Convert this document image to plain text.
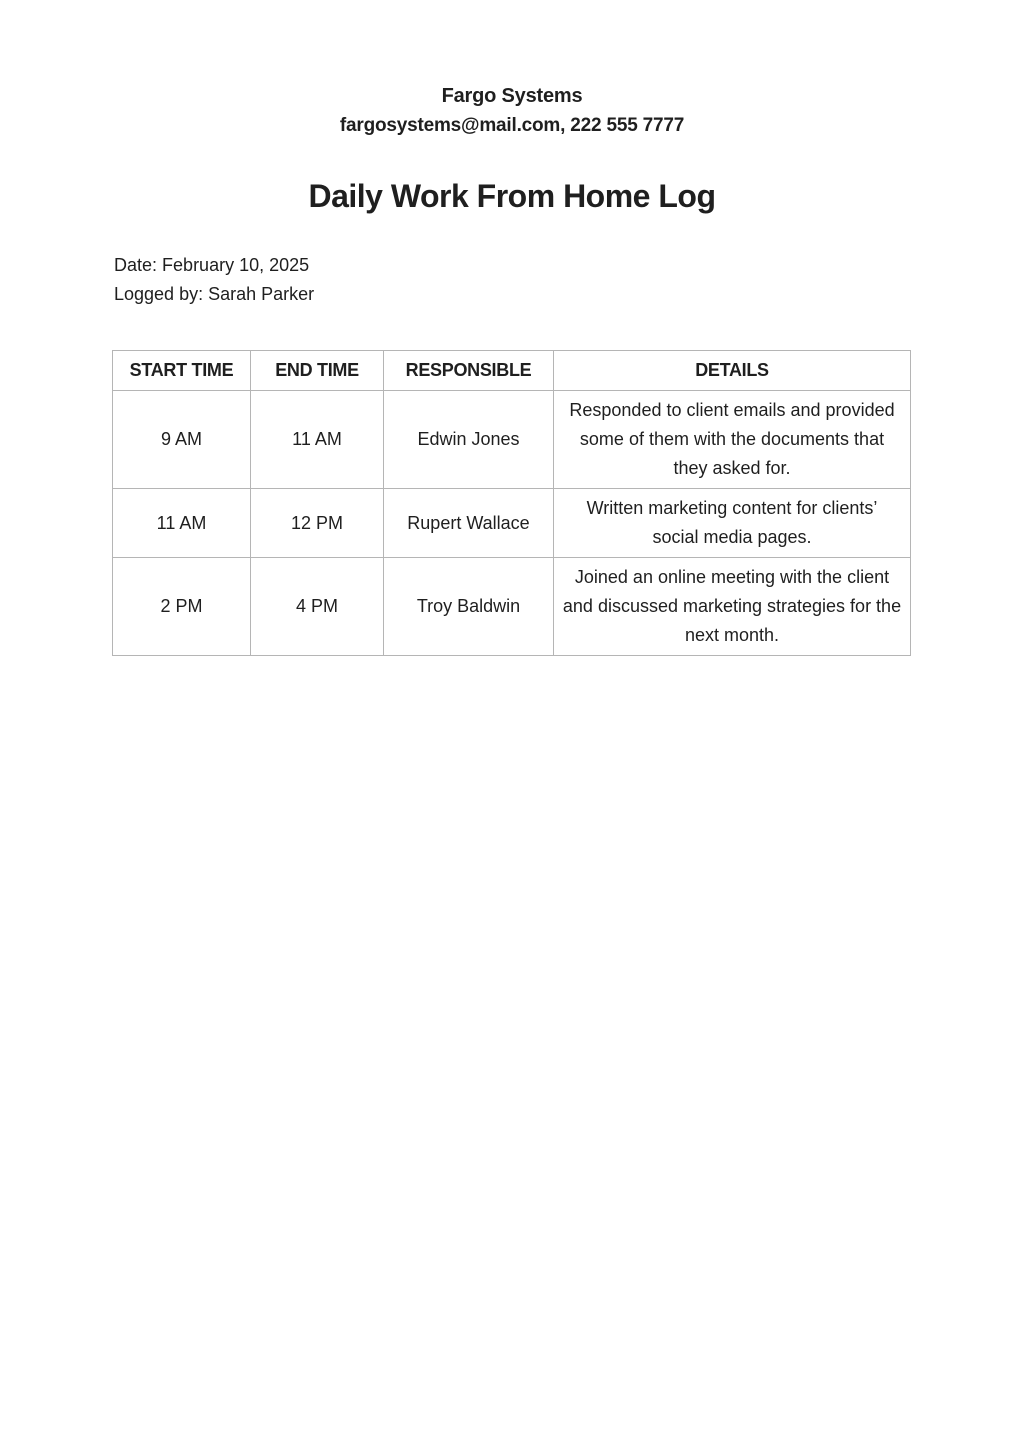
Fargo Systems
fargosystems@mail.com, 222 555 7777
Daily Work From Home Log
Date: February 10, 2025
Logged by: Sarah Parker
START TIME	END TIME	RESPONSIBLE	DETAILS
9 AM	11 AM	Edwin Jones	Responded to client emails and provided some of them with the documents that they asked for.
11 AM	12 PM	Rupert Wallace	Written marketing content for clients’ social media pages.
2 PM	4 PM	Troy Baldwin	Joined an online meeting with the client and discussed marketing strategies for the next month.
